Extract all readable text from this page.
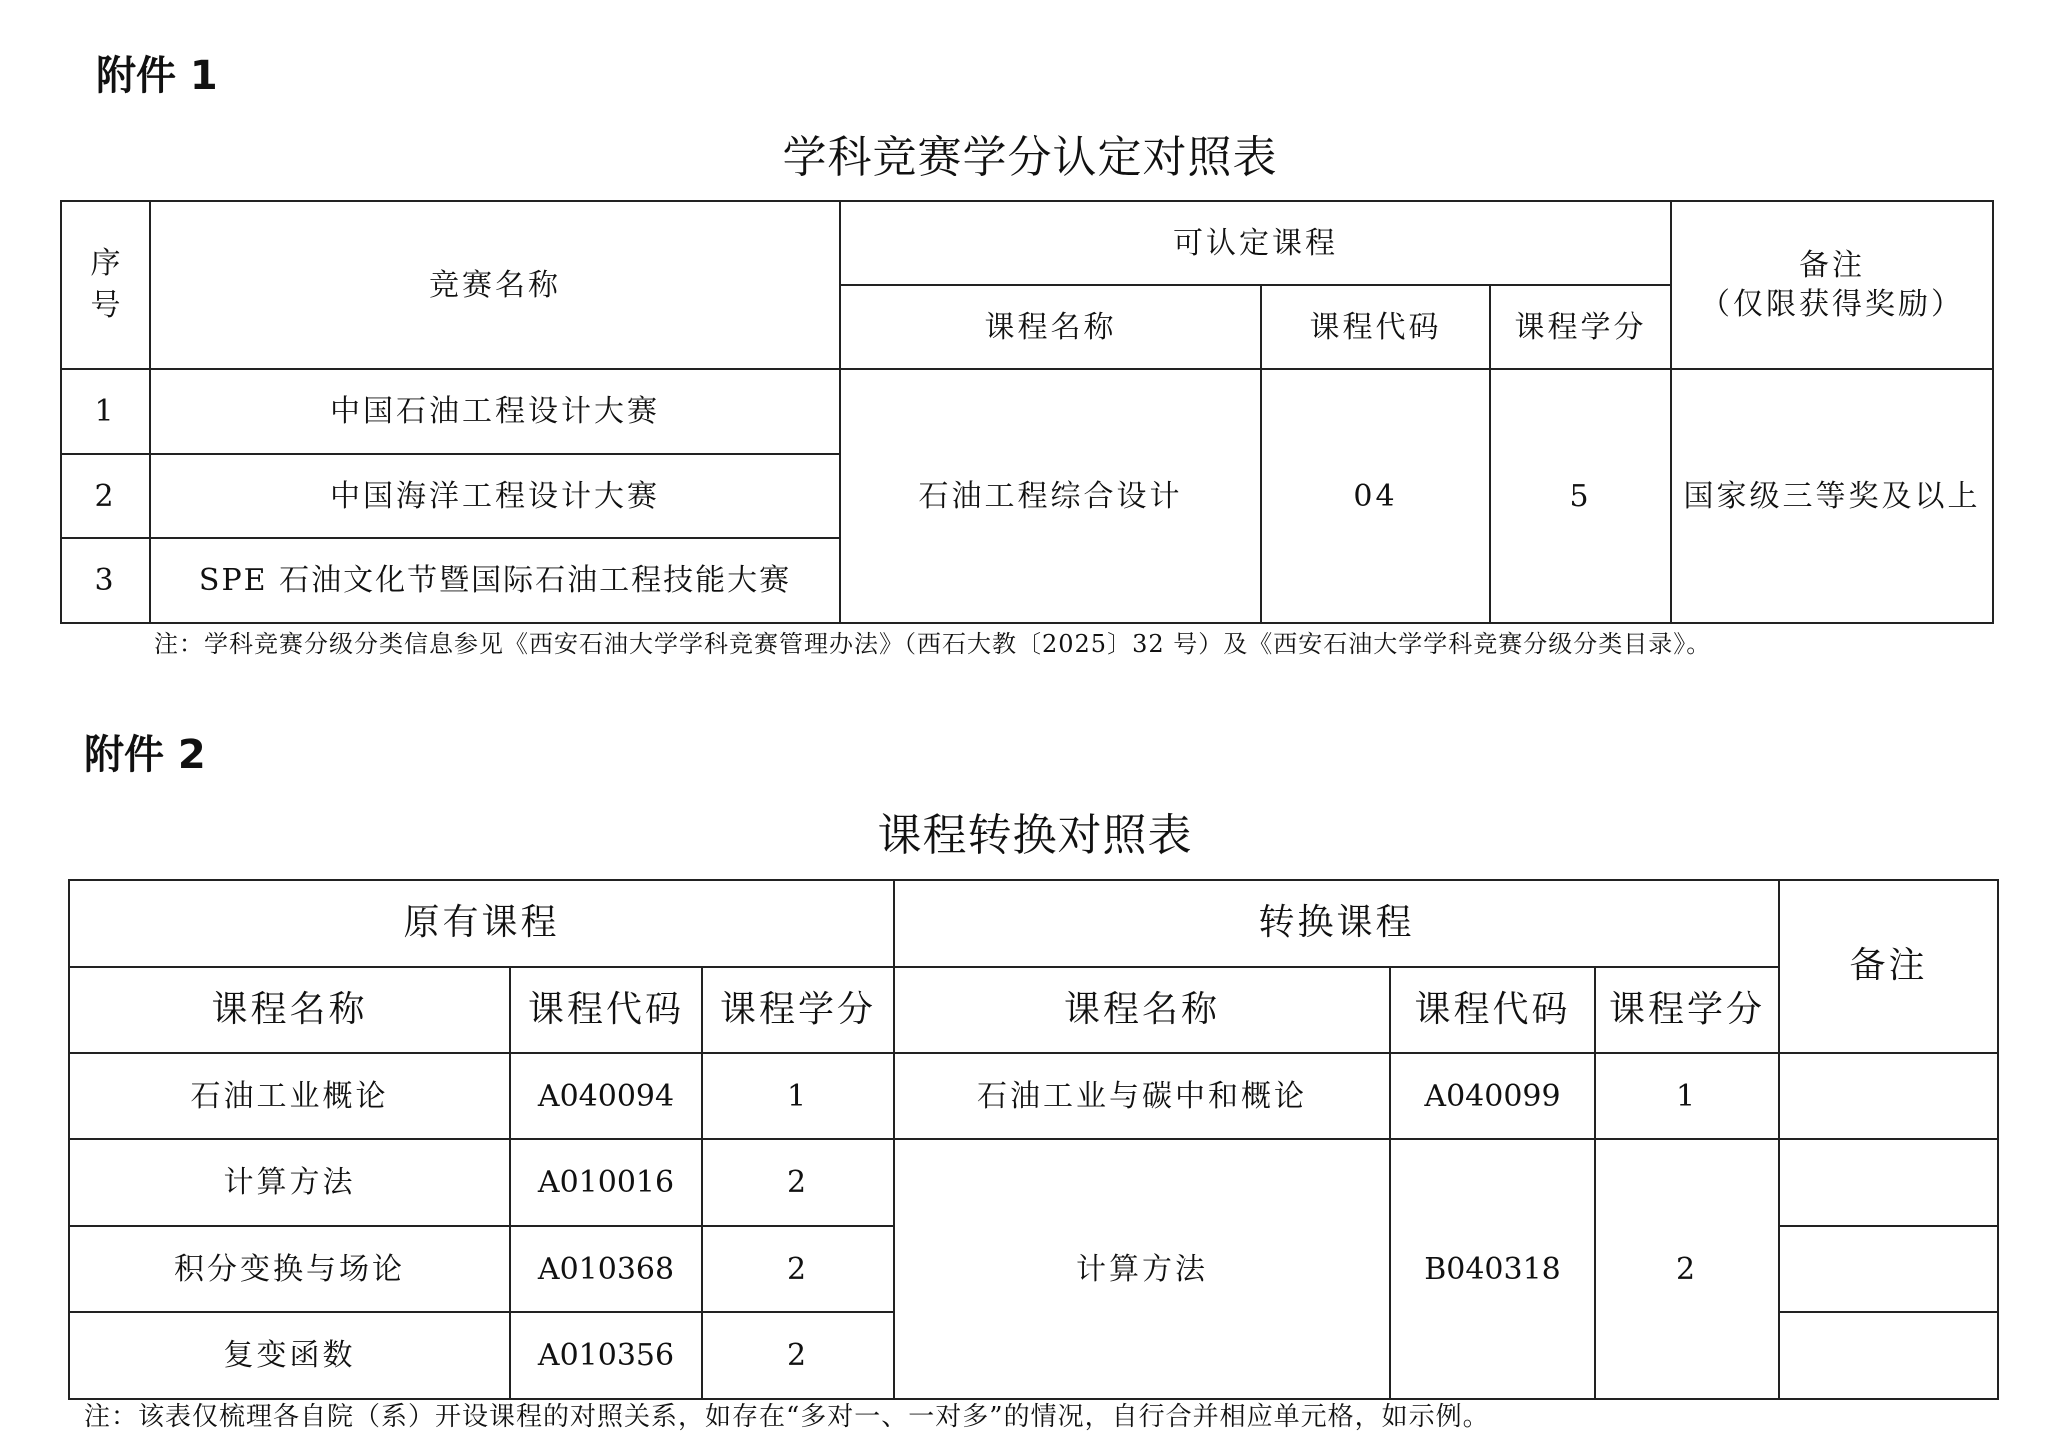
附件 1
学科竞赛学分认定对照表
序号	竞赛名称	可认定课程			备注
（仅限获得奖励）

		课程名称	课程代码	课程学分	
1	中国石油工程设计大赛	石油工程综合设计	04	5	国家级三等奖及以上
2	中国海洋工程设计大赛				
3	SPE 石油文化节暨国际石油工程技能大赛				
注：学科竞赛分级分类信息参见《西安石油大学学科竞赛管理办法》（西石大教〔2025〕32 号）及《西安石油大学学科竞赛分级分类目录》。
附件 2
课程转换对照表
原有课程			转换课程			备注
课程名称	课程代码	课程学分	课程名称	课程代码	课程学分	
石油工业概论	A040094	1	石油工业与碳中和概论	A040099	1	
计算方法	A010016	2	计算方法	B040318	2	
积分变换与场论	A010368	2				
复变函数	A010356	2				
注：该表仅梳理各自院（系）开设课程的对照关系，如存在“多对一、一对多”的情况，自行合并相应单元格，如示例。
